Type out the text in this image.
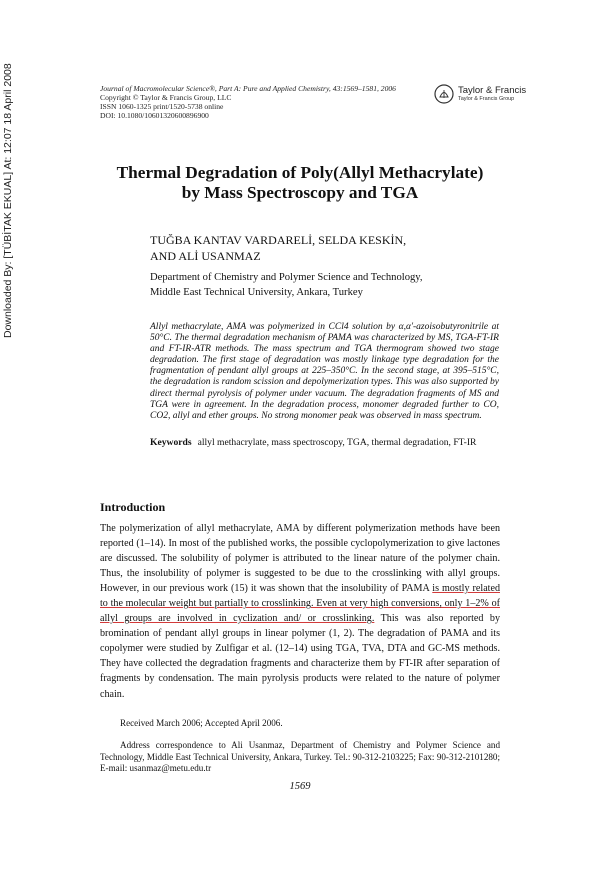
Downloaded By: [TÜBİTAK EKUAL] At: 12:07 18 April 2008	Journal of Macromolecular Science®, Part A: Pure and Applied Chemistry, 43:1569–1581, 2006
Copyright © Taylor & Francis Group, LLC
ISSN 1060-1325 print/1520-5738 online
DOI: 10.1080/10601320600896900
Taylor & Francis
Taylor & Francis Group
Thermal Degradation of Poly(Allyl Methacrylate)
by Mass Spectroscopy and TGA
TUĞBA KANTAV VARDARELİ, SELDA KESKİN,
AND ALİ USANMAZ
Department of Chemistry and Polymer Science and Technology,
Middle East Technical University, Ankara, Turkey
Allyl methacrylate, AMA was polymerized in CCl4 solution by α,α′-azoisobutyronitrile at 50°C. The thermal degradation mechanism of PAMA was characterized by MS, TGA-FT-IR and FT-IR-ATR methods. The mass spectrum and TGA thermogram showed two stage degradation. The first stage of degradation was mostly linkage type degradation for the fragmentation of pendant allyl groups at 225–350°C. In the second stage, at 395–515°C, the degradation is random scission and depolymerization types. This was also supported by direct thermal pyrolysis of polymer under vacuum. The degradation fragments of MS and TGA were in agreement. In the degradation process, monomer degraded further to CO, CO2, allyl and ether groups. No strong monomer peak was observed in mass spectrum.
Keywords allyl methacrylate, mass spectroscopy, TGA, thermal degradation, FT-IR
Introduction
The polymerization of allyl methacrylate, AMA by different polymerization methods have been reported (1–14). In most of the published works, the possible cyclopolymerization to give lactones are discussed. The solubility of polymer is attributed to the linear nature of the polymer chain. Thus, the insolubility of polymer is suggested to be due to the crosslinking with allyl groups. However, in our previous work (15) it was shown that the insolubility of PAMA is mostly related to the molecular weight but partially to crosslinking. Even at very high conversions, only 1–2% of allyl groups are involved in cyclization and/ or crosslinking. This was also reported by bromination of pendant allyl groups in linear polymer (1, 2). The degradation of PAMA and its copolymer were studied by Zulfigar et al. (12–14) using TGA, TVA, DTA and GC-MS methods. They have collected the degradation fragments and characterize them by FT-IR after separation of fragments by condensation. The main pyrolysis products were related to the nature of polymer chain.
Received March 2006; Accepted April 2006.
Address correspondence to Ali Usanmaz, Department of Chemistry and Polymer Science and Technology, Middle East Technical University, Ankara, Turkey. Tel.: 90-312-2103225; Fax: 90-312-2101280; E-mail: usanmaz@metu.edu.tr
1569
